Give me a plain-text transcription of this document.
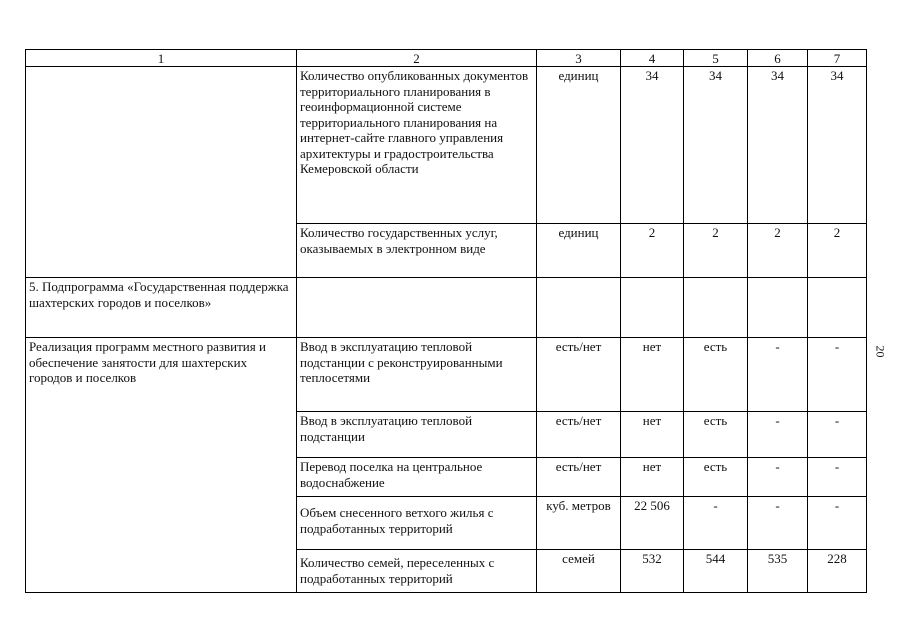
1	2	3	4	5	6	7
	Количество опубликованных документов территориального планирования в геоинформационной системе территориального планирования на интернет-сайте главного управления архитектуры и градостроительства Кемеровской области	единиц	34	34	34	34
	Количество государственных услуг, оказываемых в электронном виде	единиц	2	2	2	2
5. Подпрограмма «Государственная поддержка шахтерских городов и поселков»						
Реализация программ местного развития и обеспечение занятости для шахтерских городов и поселков	Ввод в эксплуатацию тепловой подстанции с реконструированными теплосетями	есть/нет	нет	есть	-	-
	Ввод в эксплуатацию тепловой подстанции	есть/нет	нет	есть	-	-
	Перевод поселка на центральное водоснабжение	есть/нет	нет	есть	-	-
	Объем снесенного ветхого жилья с подработанных территорий	куб. метров	22 506	-	-	-
	Количество семей, переселенных с подработанных территорий	семей	532	544	535	228
20
